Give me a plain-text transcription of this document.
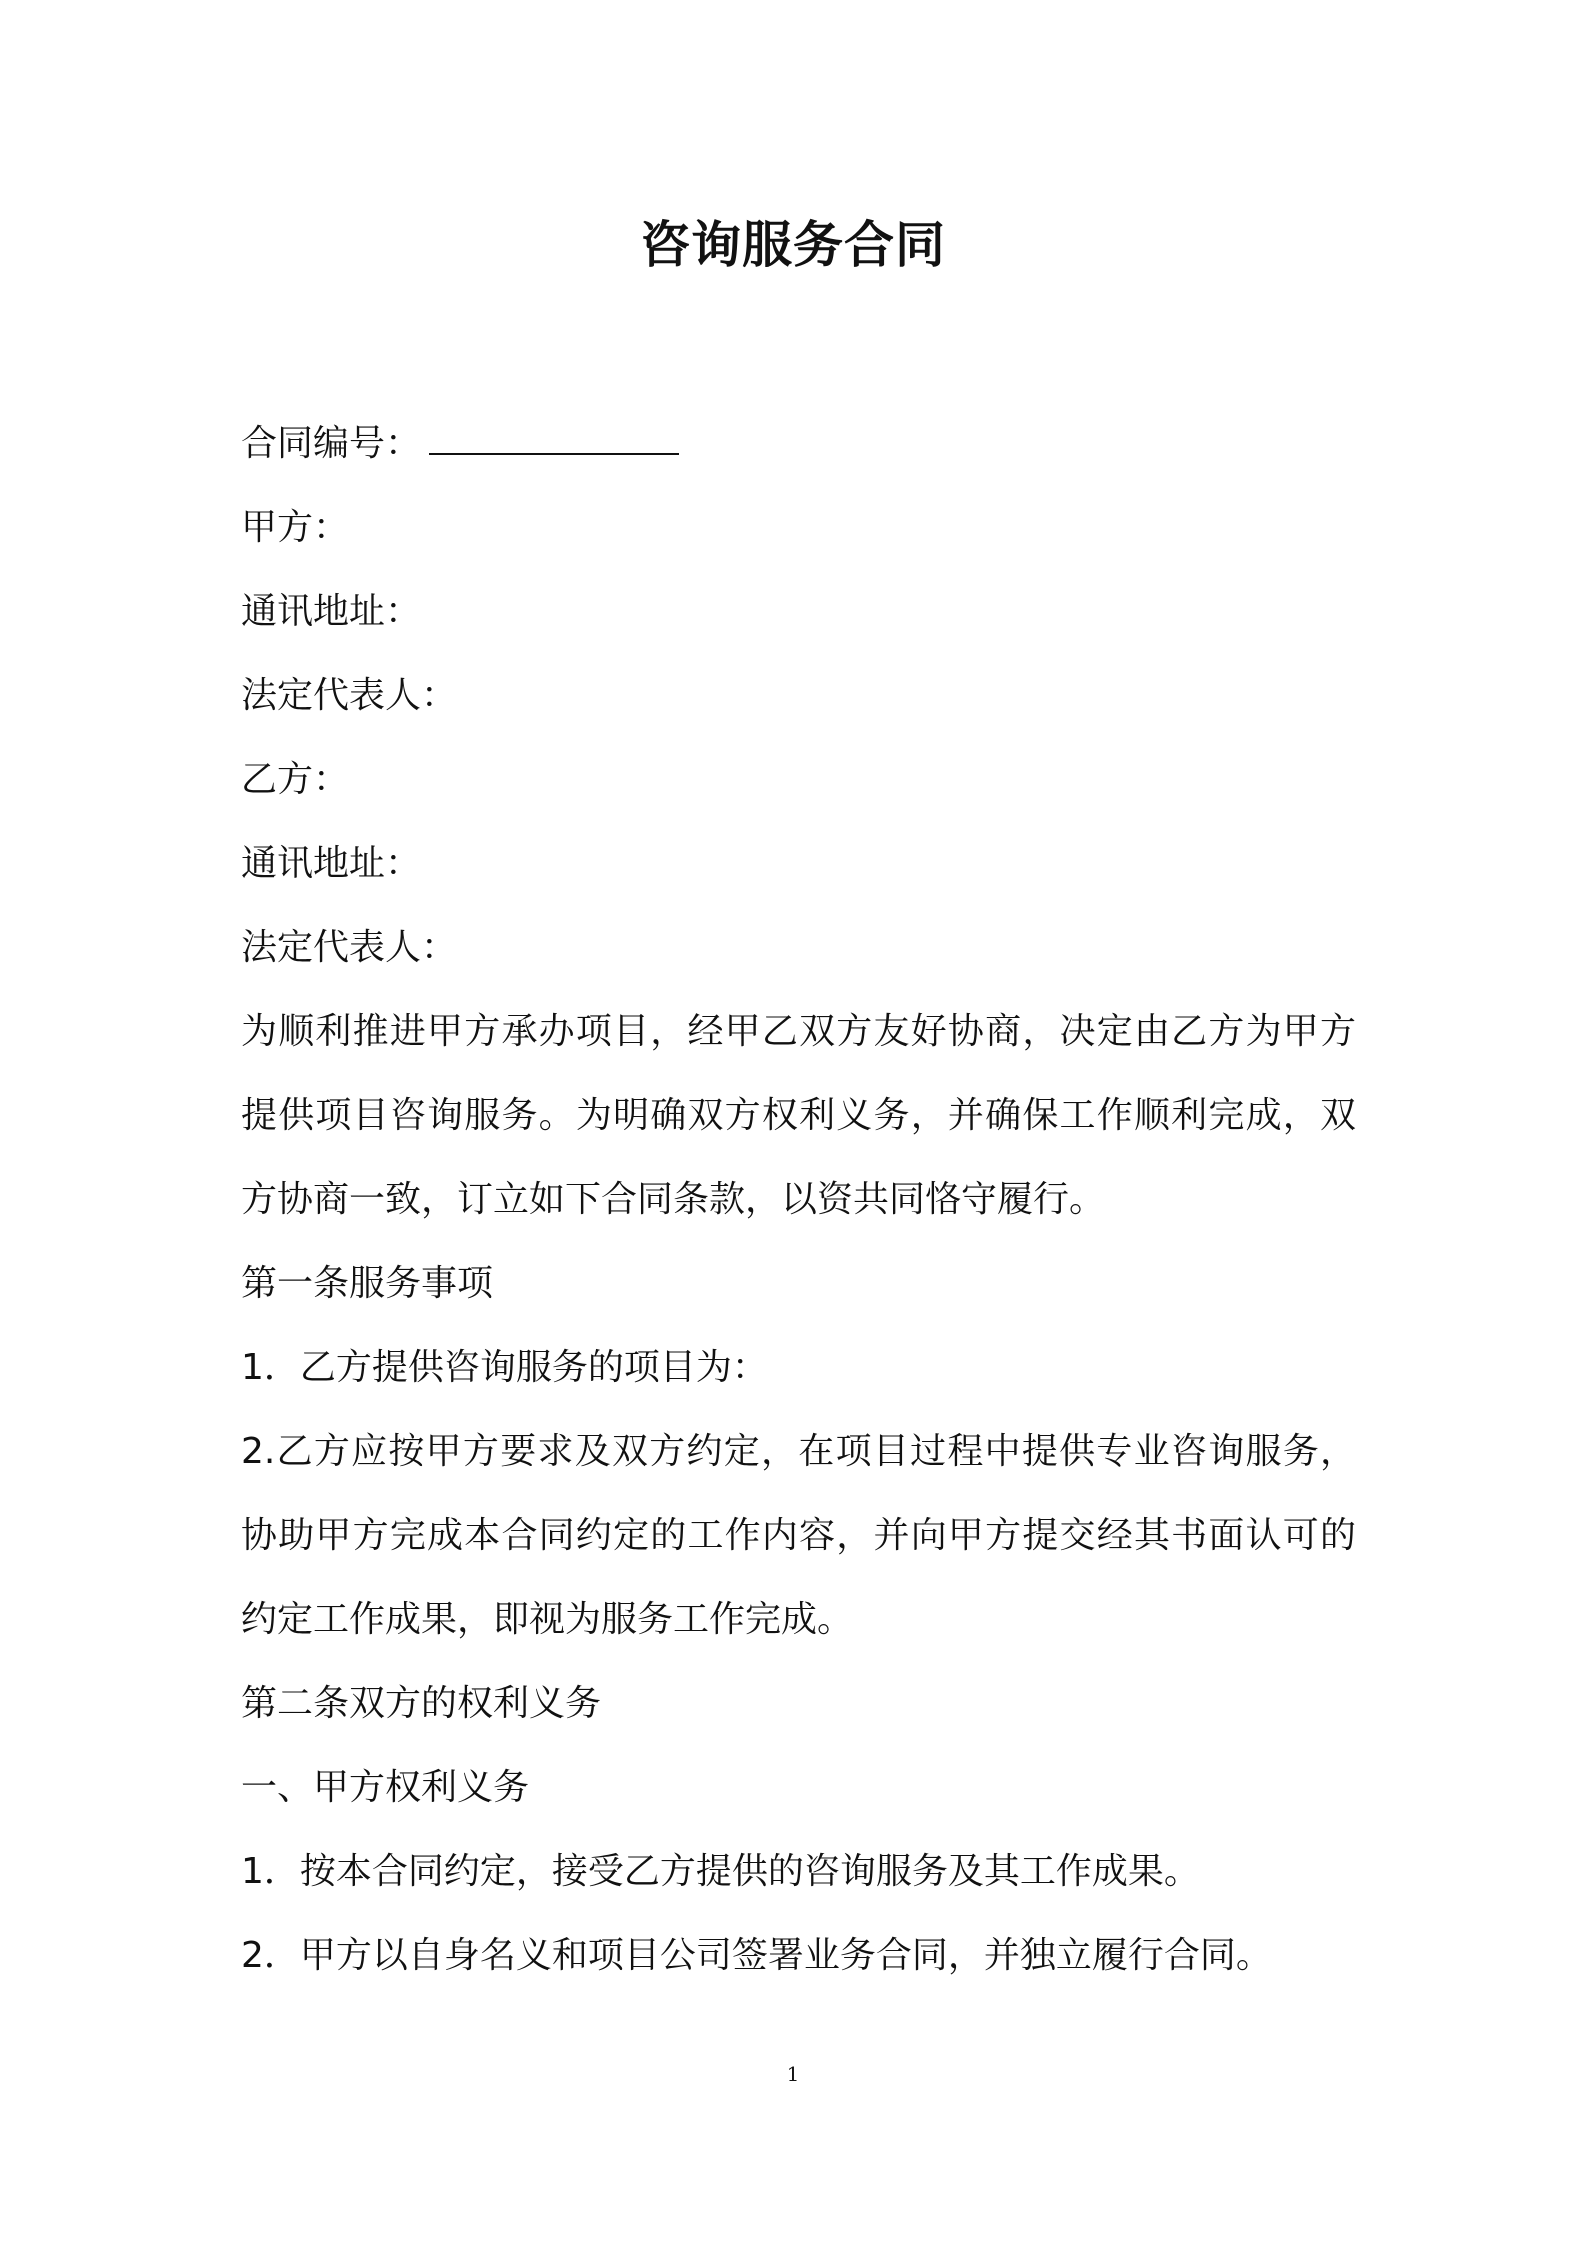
咨询服务合同
合同编号：
甲方：
通讯地址：
法定代表人：
乙方：
通讯地址：
法定代表人：
为顺利推进甲方承办项目，经甲乙双方友好协商，决定由乙方为甲方
提供项目咨询服务。为明确双方权利义务，并确保工作顺利完成，双
方协商一致，订立如下合同条款，以资共同恪守履行。
第一条服务事项
1．乙方提供咨询服务的项目为：
2.乙方应按甲方要求及双方约定，在项目过程中提供专业咨询服务，
协助甲方完成本合同约定的工作内容，并向甲方提交经其书面认可的
约定工作成果，即视为服务工作完成。
第二条双方的权利义务
一、甲方权利义务
1．按本合同约定，接受乙方提供的咨询服务及其工作成果。
2．甲方以自身名义和项目公司签署业务合同，并独立履行合同。
1
